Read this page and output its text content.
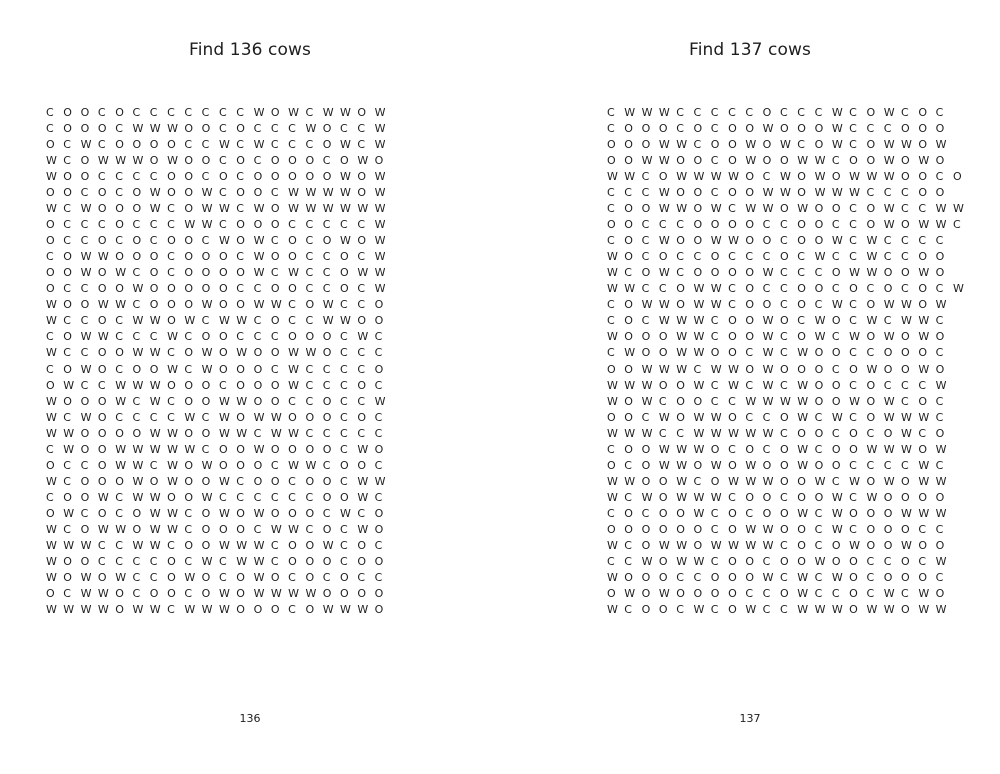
Find 136 cows
C O O C O C C C C C C C W O W C W W O W
C O O O C W W W O O C O C C C W O C C W
O C W C O O O O C C W C W C C C O W C W
W C O W W W O W O O C O C O O O C O W O
W O O C C C C O O C O C O O O O O W O W
O O C O C O W O O W C O O C W W W W O W
W C W O O O W C O W W C W O W W W W W W
O C C C O C C C W W C O O O C C C C C W
O C C O C O C O O C W O W C O C O W O W
C O W W O O O C O O O C W O O C C O C W
O O W O W C O C O O O O W C W C C O W W
O C C O O W O O O O O C C O O C C O C W
W O O W W C O O O W O O W W C O W C C O
W C C O C W W O W C W W C O C C W W O O
C O W W C C C W C O O C C C O O O C W C
W C C O O W W C O W O W O O W W O C C C
C O W O C O O W C W O O O C W C C C C O
O W C C W W W O O O C O O O W C C C O C
W O O O W C W C O O W W O O C C O C C W
W C W O C C C C W C W O W W O O O C O C
W W O O O O W W O O W W C W W C C C C C
C W O O W W W W W C O O W O O O O C W O
O C C O W W C W O W O O O C W W C O O C
W C O O O W O W O O W C O O C O O C W W
C O O W C W W O O W C C C C C C O O W C
O W C O C O W W C O W O W O O O C W C O
W C O W W O W W C O O O C W W C O C W O
W W W C C W W C O O W W W C O O W C O C
W O O C C C C O C W C W W C O O O C O O
W O W O W C C O W O C O W O C O C O C C
O C W W O C O O C O W O W W W W O O O O
W W W W O W W C W W W O O O C O W W W O
136
Find 137 cows
C W W W C C C C C O C C C W C O W C O C
C O O O C O C O O W O O O W C C C O O O
O O O W W C O O W O W C O W C O W W O W
O O W W O O C O W O O W W C O O W O W O
W W C O W W W W O C W O W O W W W O O C O
C C C W O O C O O W W O W W W C C C O O
C O O W W O W C W W O W O O C O W C C W W
O O C C C O O O O C C O O C C O W O W W C
C O C W O O W W O O C O O W C W C C C C
W O C O C C O C C C O C W C C W C C O O
W C O W C O O O O W C C C O W W O O W O
W W C C O W W C O C C O O C O C O C O C W
C O W W O W W C O O C O C W C O W W O W
C O C W W W C O O W O C W O C W C W W C
W O O O W W C O O W C O W C W O W O W O
C W O O W W O O C W C W O O C C O O O C
O O W W W C W W O W O O O C O W O O W O
W W W O O W C W C W C W O O C O C C C W
W O W C O O C C W W W W O O W O W C O C
O O C W O W W O C C O W C W C O W W W C
W W W C C W W W W W C O O C O C O W C O
C O O W W W O C O C O W C O O W W W O W
O C O W W O W O W O O W O O C C C C W C
W W O O W C O W W W O O W C W O W O W W
W C W O W W W C O O C O O W C W O O O O
C O C O O W C O C O O W C W O O O W W W
O O O O O O C O W W O O C W C O O O C C
W C O W W O W W W W C O C O W O O W O O
C C W O W W C O O C O O W O O C C O C W
W O O O C C O O O W C W C W O C O O O C
O W O W O O O O C C O W C C O C W C W O
W C O O C W C O W C C W W W O W W O W W
137
